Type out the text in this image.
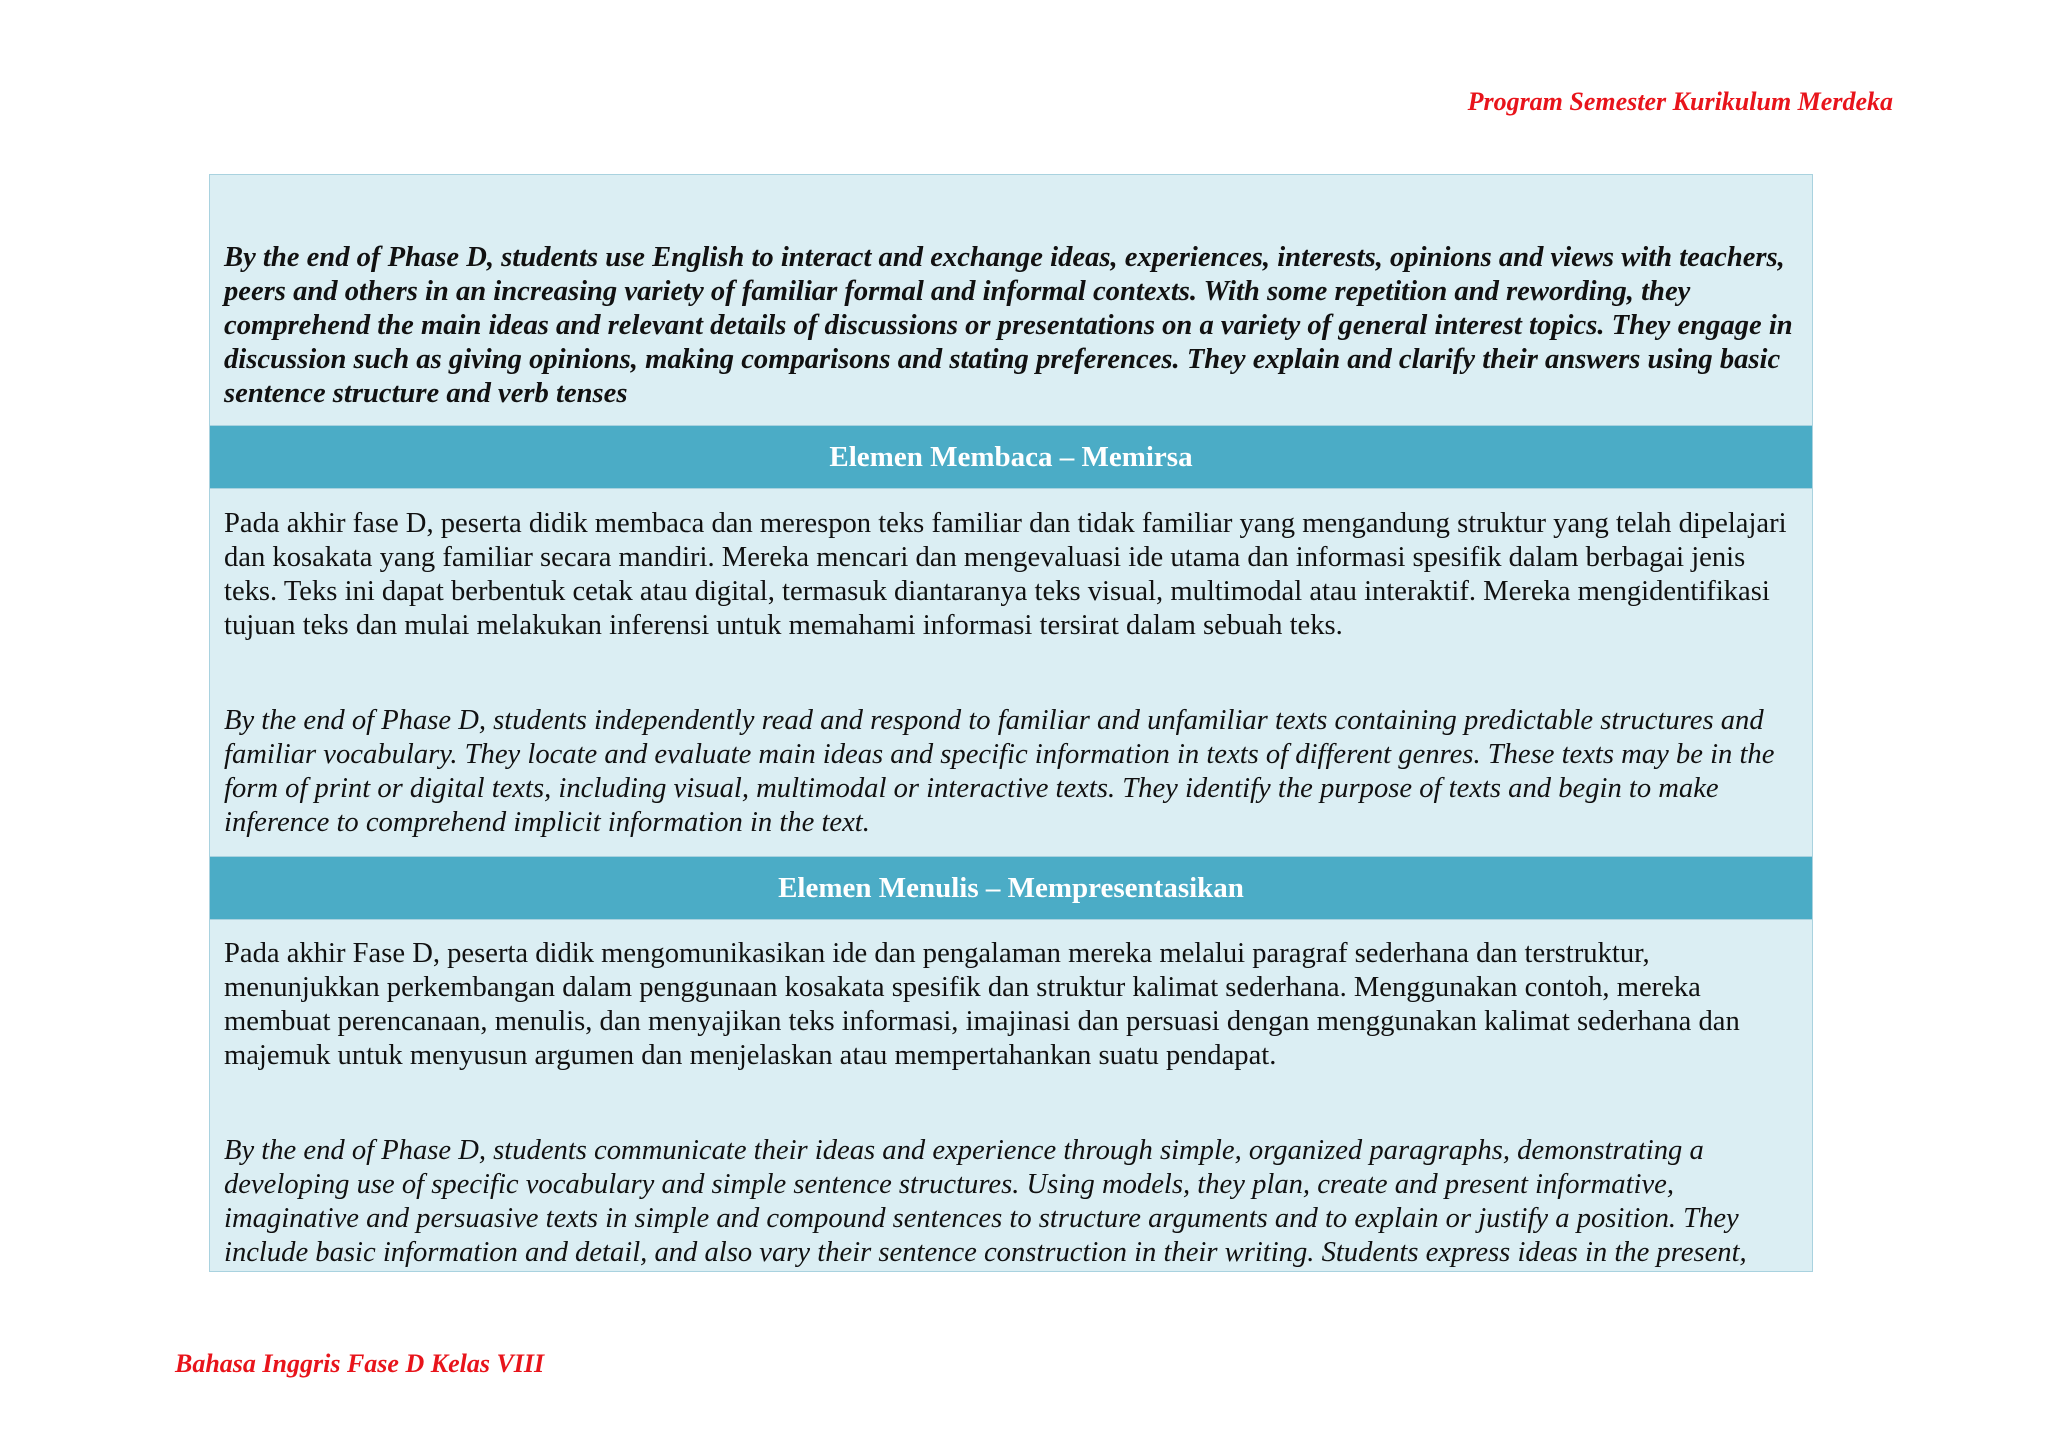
Program Semester Kurikulum Merdeka

By the end of Phase D, students use English to interact and exchange ideas, experiences, interests, opinions and views with teachers, peers and others in an increasing variety of familiar formal and informal contexts. With some repetition and rewording, they comprehend the main ideas and relevant details of discussions or presentations on a variety of general interest topics. They engage in discussion such as giving opinions, making comparisons and stating preferences. They explain and clarify their answers using basic sentence structure and verb tenses

Elemen Membaca – Memirsa

Pada akhir fase D, peserta didik membaca dan merespon teks familiar dan tidak familiar yang mengandung struktur yang telah dipelajari dan kosakata yang familiar secara mandiri. Mereka mencari dan mengevaluasi ide utama dan informasi spesifik dalam berbagai jenis teks. Teks ini dapat berbentuk cetak atau digital, termasuk diantaranya teks visual, multimodal atau interaktif. Mereka mengidentifikasi tujuan teks dan mulai melakukan inferensi untuk memahami informasi tersirat dalam sebuah teks.

By the end of Phase D, students independently read and respond to familiar and unfamiliar texts containing predictable structures and familiar vocabulary. They locate and evaluate main ideas and specific information in texts of different genres. These texts may be in the form of print or digital texts, including visual, multimodal or interactive texts. They identify the purpose of texts and begin to make inference to comprehend implicit information in the text.

Elemen Menulis – Mempresentasikan

Pada akhir Fase D, peserta didik mengomunikasikan ide dan pengalaman mereka melalui paragraf sederhana dan terstruktur, menunjukkan perkembangan dalam penggunaan kosakata spesifik dan struktur kalimat sederhana. Menggunakan contoh, mereka membuat perencanaan, menulis, dan menyajikan teks informasi, imajinasi dan persuasi dengan menggunakan kalimat sederhana dan majemuk untuk menyusun argumen dan menjelaskan atau mempertahankan suatu pendapat.

By the end of Phase D, students communicate their ideas and experience through simple, organized paragraphs, demonstrating a developing use of specific vocabulary and simple sentence structures. Using models, they plan, create and present informative, imaginative and persuasive texts in simple and compound sentences to structure arguments and to explain or justify a position. They include basic information and detail, and also vary their sentence construction in their writing. Students express ideas in the present,

Bahasa Inggris Fase D Kelas VIII
